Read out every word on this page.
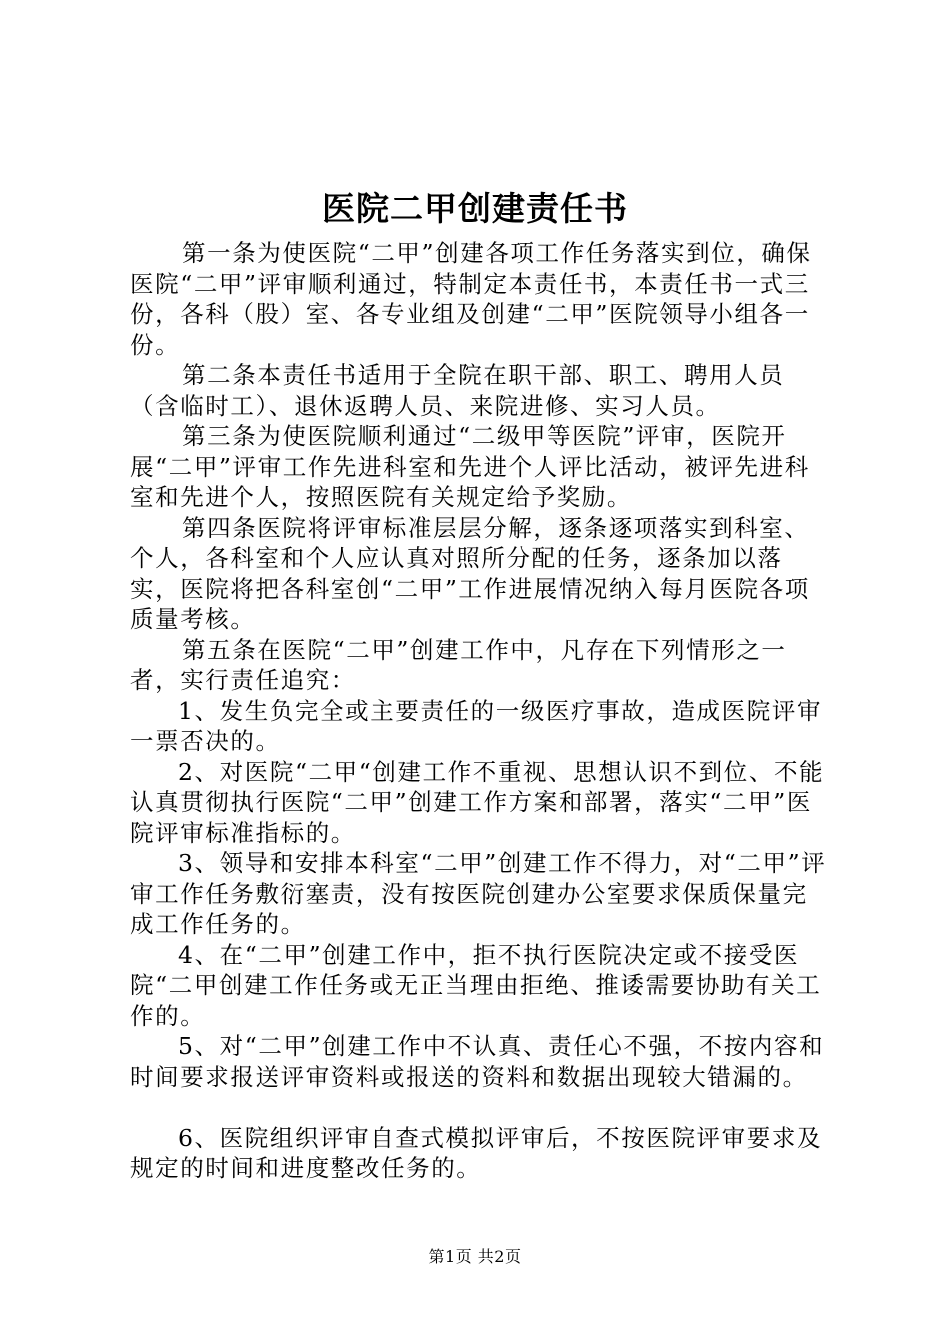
医院二甲创建责任书

第一条为使医院“二甲”创建各项工作任务落实到位，确保医院“二甲”评审顺利通过，特制定本责任书，本责任书一式三份，各科（股）室、各专业组及创建“二甲”医院领导小组各一份。

第二条本责任书适用于全院在职干部、职工、聘用人员（含临时工）、退休返聘人员、来院进修、实习人员。

第三条为使医院顺利通过“二级甲等医院”评审，医院开展“二甲”评审工作先进科室和先进个人评比活动，被评先进科室和先进个人，按照医院有关规定给予奖励。

第四条医院将评审标准层层分解，逐条逐项落实到科室、个人，各科室和个人应认真对照所分配的任务，逐条加以落实，医院将把各科室创“二甲”工作进展情况纳入每月医院各项质量考核。

第五条在医院“二甲”创建工作中，凡存在下列情形之一者，实行责任追究：

1、发生负完全或主要责任的一级医疗事故，造成医院评审一票否决的。

2、对医院“二甲“创建工作不重视、思想认识不到位、不能认真贯彻执行医院“二甲”创建工作方案和部署，落实“二甲”医院评审标准指标的。

3、领导和安排本科室“二甲”创建工作不得力，对“二甲”评审工作任务敷衍塞责，没有按医院创建办公室要求保质保量完成工作任务的。

4、在“二甲”创建工作中，拒不执行医院决定或不接受医院“二甲创建工作任务或无正当理由拒绝、推诿需要协助有关工作的。

5、对“二甲”创建工作中不认真、责任心不强，不按内容和时间要求报送评审资料或报送的资料和数据出现较大错漏的。

6、医院组织评审自查式模拟评审后，不按医院评审要求及规定的时间和进度整改任务的。

第1页 共2页
